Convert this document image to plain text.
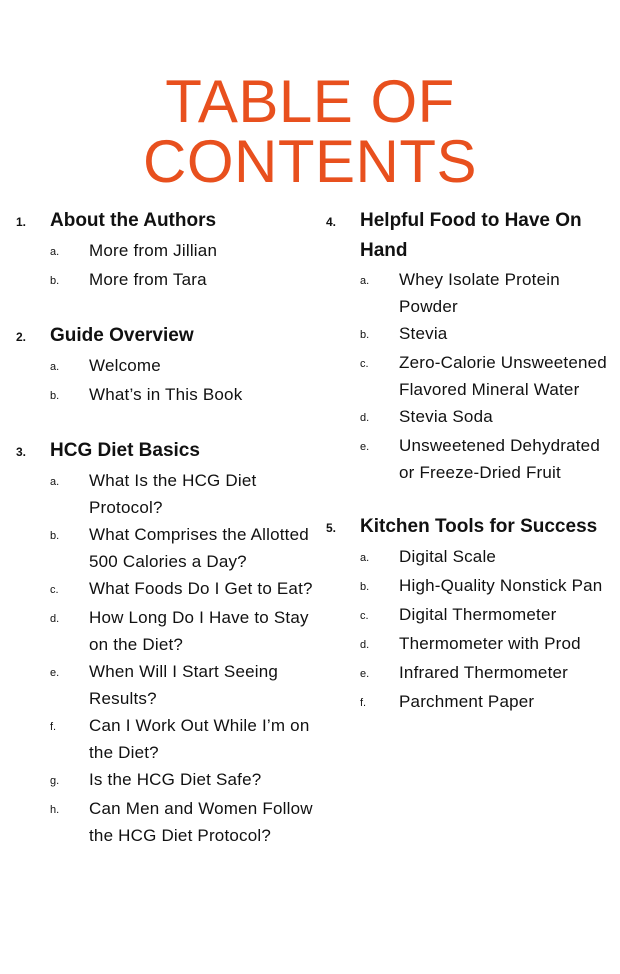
TABLE OF CONTENTS
1.	About the Authors
a.	More from Jillian
b.	More from Tara
2.	Guide Overview
a.	Welcome
b.	What’s in This Book
3.	HCG Diet Basics
a.	What Is the HCG Diet Protocol?
b.	What Comprises the Allotted 500 Calories a Day?
c.	What Foods Do I Get to Eat?
d.	How Long Do I Have to Stay on the Diet?
e.	When Will I Start Seeing Results?
f.	Can I Work Out While I’m on the Diet?
g.	Is the HCG Diet Safe?
h.	Can Men and Women Follow the HCG Diet Protocol?
4.	Helpful Food to Have On Hand
a.	Whey Isolate Protein Powder
b.	Stevia
c.	Zero-Calorie Unsweetened Flavored Mineral Water
d.	Stevia Soda
e.	Unsweetened Dehydrated or Freeze-Dried Fruit
5.	Kitchen Tools for Success
a.	Digital Scale
b.	High-Quality Nonstick Pan
c.	Digital Thermometer
d.	Thermometer with Prod
e.	Infrared Thermometer
f.	Parchment Paper
